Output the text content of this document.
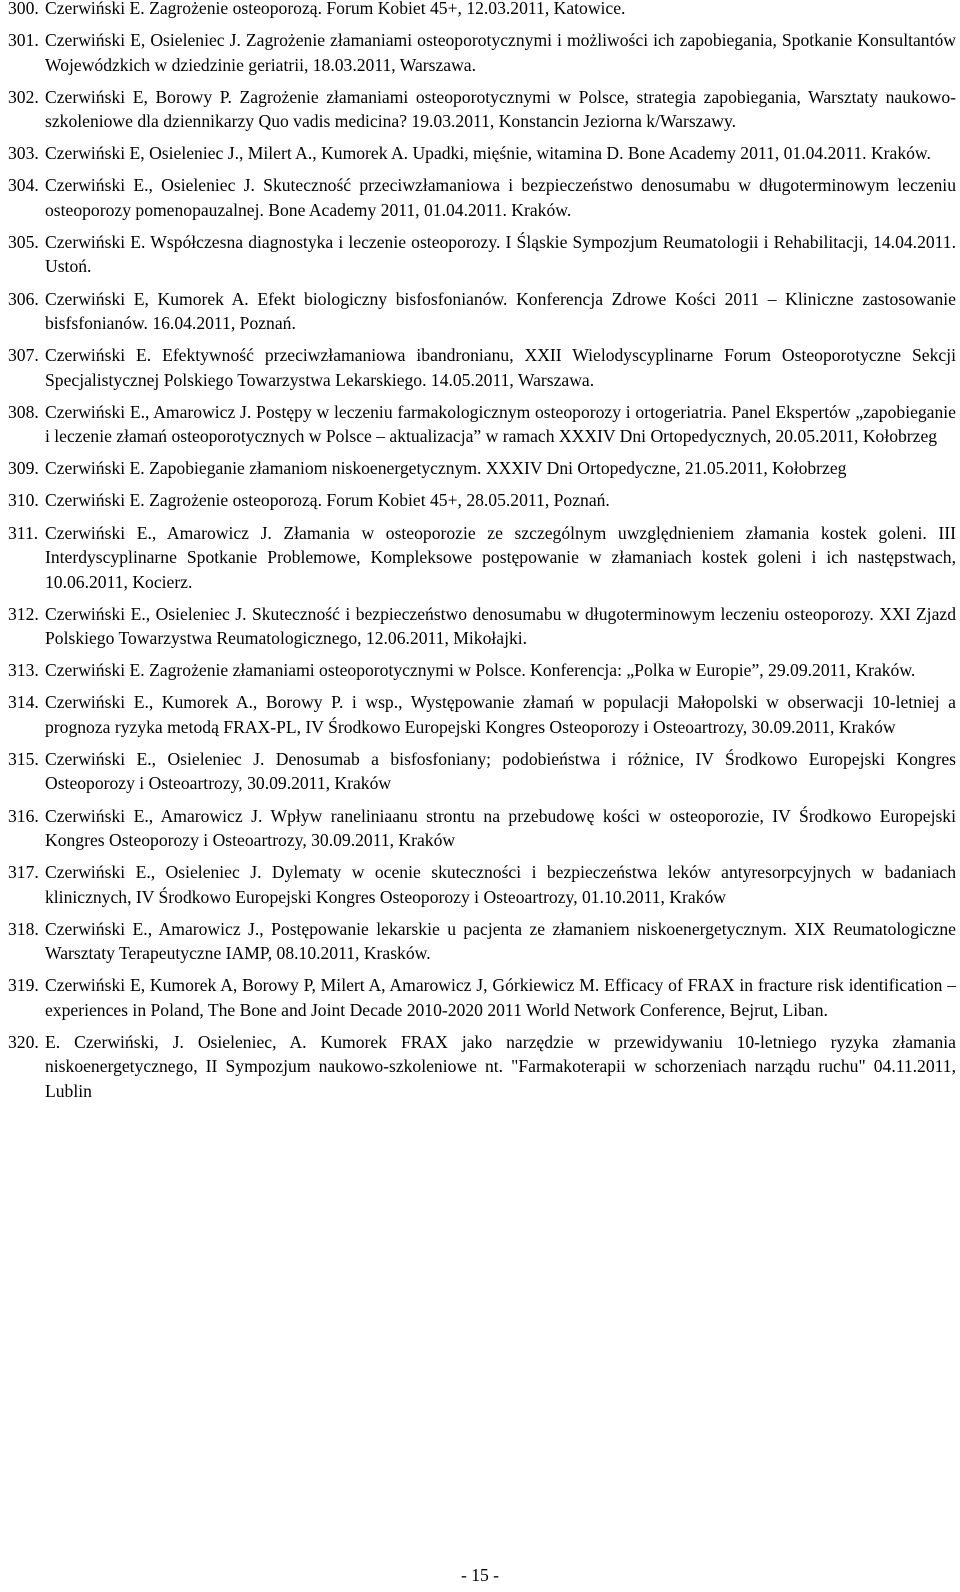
300. Czerwiński E. Zagrożenie osteoporozą. Forum Kobiet 45+, 12.03.2011, Katowice.
301. Czerwiński E, Osieleniec J. Zagrożenie złamaniami osteoporotycznymi i możliwości ich zapobiegania, Spotkanie Konsultantów Wojewódzkich w dziedzinie geriatrii, 18.03.2011, Warszawa.
302. Czerwiński E, Borowy P. Zagrożenie złamaniami osteoporotycznymi w Polsce, strategia zapobiegania, Warsztaty naukowo-szkoleniowe dla dziennikarzy Quo vadis medicina? 19.03.2011, Konstancin Jeziorna k/Warszawy.
303. Czerwiński E, Osieleniec J., Milert A., Kumorek A. Upadki, mięśnie, witamina D. Bone Academy 2011, 01.04.2011. Kraków.
304. Czerwiński E., Osieleniec J. Skuteczność przeciwzłamaniowa i bezpieczeństwo denosumabu w długoterminowym leczeniu osteoporozy pomenopauzalnej. Bone Academy 2011, 01.04.2011. Kraków.
305. Czerwiński E. Współczesna diagnostyka i leczenie osteoporozy. I Śląskie Sympozjum Reumatologii i Rehabilitacji, 14.04.2011. Ustoń.
306. Czerwiński E, Kumorek A. Efekt biologiczny bisfosfonianów. Konferencja Zdrowe Kości 2011 – Kliniczne zastosowanie bisfsfonianów. 16.04.2011, Poznań.
307. Czerwiński E. Efektywność przeciwzłamaniowa ibandronianu, XXII Wielodyscyplinarne Forum Osteoporotyczne Sekcji Specjalistycznej Polskiego Towarzystwa Lekarskiego. 14.05.2011, Warszawa.
308. Czerwiński E., Amarowicz J. Postępy w leczeniu farmakologicznym osteoporozy i ortogeriatria. Panel Ekspertów „zapobieganie i leczenie złamań osteoporotycznych w Polsce – aktualizacja” w ramach XXXIV Dni Ortopedycznych, 20.05.2011, Kołobrzeg
309. Czerwiński E. Zapobieganie złamaniom niskoenergetycznym. XXXIV Dni Ortopedyczne, 21.05.2011, Kołobrzeg
310. Czerwiński E. Zagrożenie osteoporozą. Forum Kobiet 45+, 28.05.2011, Poznań.
311. Czerwiński E., Amarowicz J. Złamania w osteoporozie ze szczególnym uwzględnieniem złamania kostek goleni. III Interdyscyplinarne Spotkanie Problemowe, Kompleksowe postępowanie w złamaniach kostek goleni i ich następstwach, 10.06.2011, Kocierz.
312. Czerwiński E., Osieleniec J. Skuteczność i bezpieczeństwo denosumabu w długoterminowym leczeniu osteoporozy. XXI Zjazd Polskiego Towarzystwa Reumatologicznego, 12.06.2011, Mikołajki.
313. Czerwiński E. Zagrożenie złamaniami osteoporotycznymi w Polsce. Konferencja: „Polka w Europie”, 29.09.2011, Kraków.
314. Czerwiński E., Kumorek A., Borowy P. i wsp., Występowanie złamań w populacji Małopolski w obserwacji 10-letniej a prognoza ryzyka metodą FRAX-PL, IV Środkowo Europejski Kongres Osteoporozy i Osteoartrozy, 30.09.2011, Kraków
315. Czerwiński E., Osieleniec J. Denosumab a bisfosfoniany; podobieństwa i różnice, IV Środkowo Europejski Kongres Osteoporozy i Osteoartrozy, 30.09.2011, Kraków
316. Czerwiński E., Amarowicz J. Wpływ raneliniaanu strontu na przebudowę kości w osteoporozie, IV Środkowo Europejski Kongres Osteoporozy i Osteoartrozy, 30.09.2011, Kraków
317. Czerwiński E., Osieleniec J. Dylematy w ocenie skuteczności i bezpieczeństwa leków antyresorpcyjnych w badaniach klinicznych, IV Środkowo Europejski Kongres Osteoporozy i Osteoartrozy, 01.10.2011, Kraków
318. Czerwiński E., Amarowicz J., Postępowanie lekarskie u pacjenta ze złamaniem niskoenergetycznym. XIX Reumatologiczne Warsztaty Terapeutyczne IAMP, 08.10.2011, Krasków.
319. Czerwiński E, Kumorek A, Borowy P, Milert A, Amarowicz J, Górkiewicz M. Efficacy of FRAX in fracture risk identification – experiences in Poland, The Bone and Joint Decade 2010-2020 2011 World Network Conference, Bejrut, Liban.
320. E. Czerwiński, J. Osieleniec, A. Kumorek FRAX jako narzędzie w przewidywaniu 10-letniego ryzyka złamania niskoenergetycznego, II Sympozjum naukowo-szkoleniowe nt. "Farmakoterapii w schorzeniach narządu ruchu" 04.11.2011, Lublin
- 15 -
